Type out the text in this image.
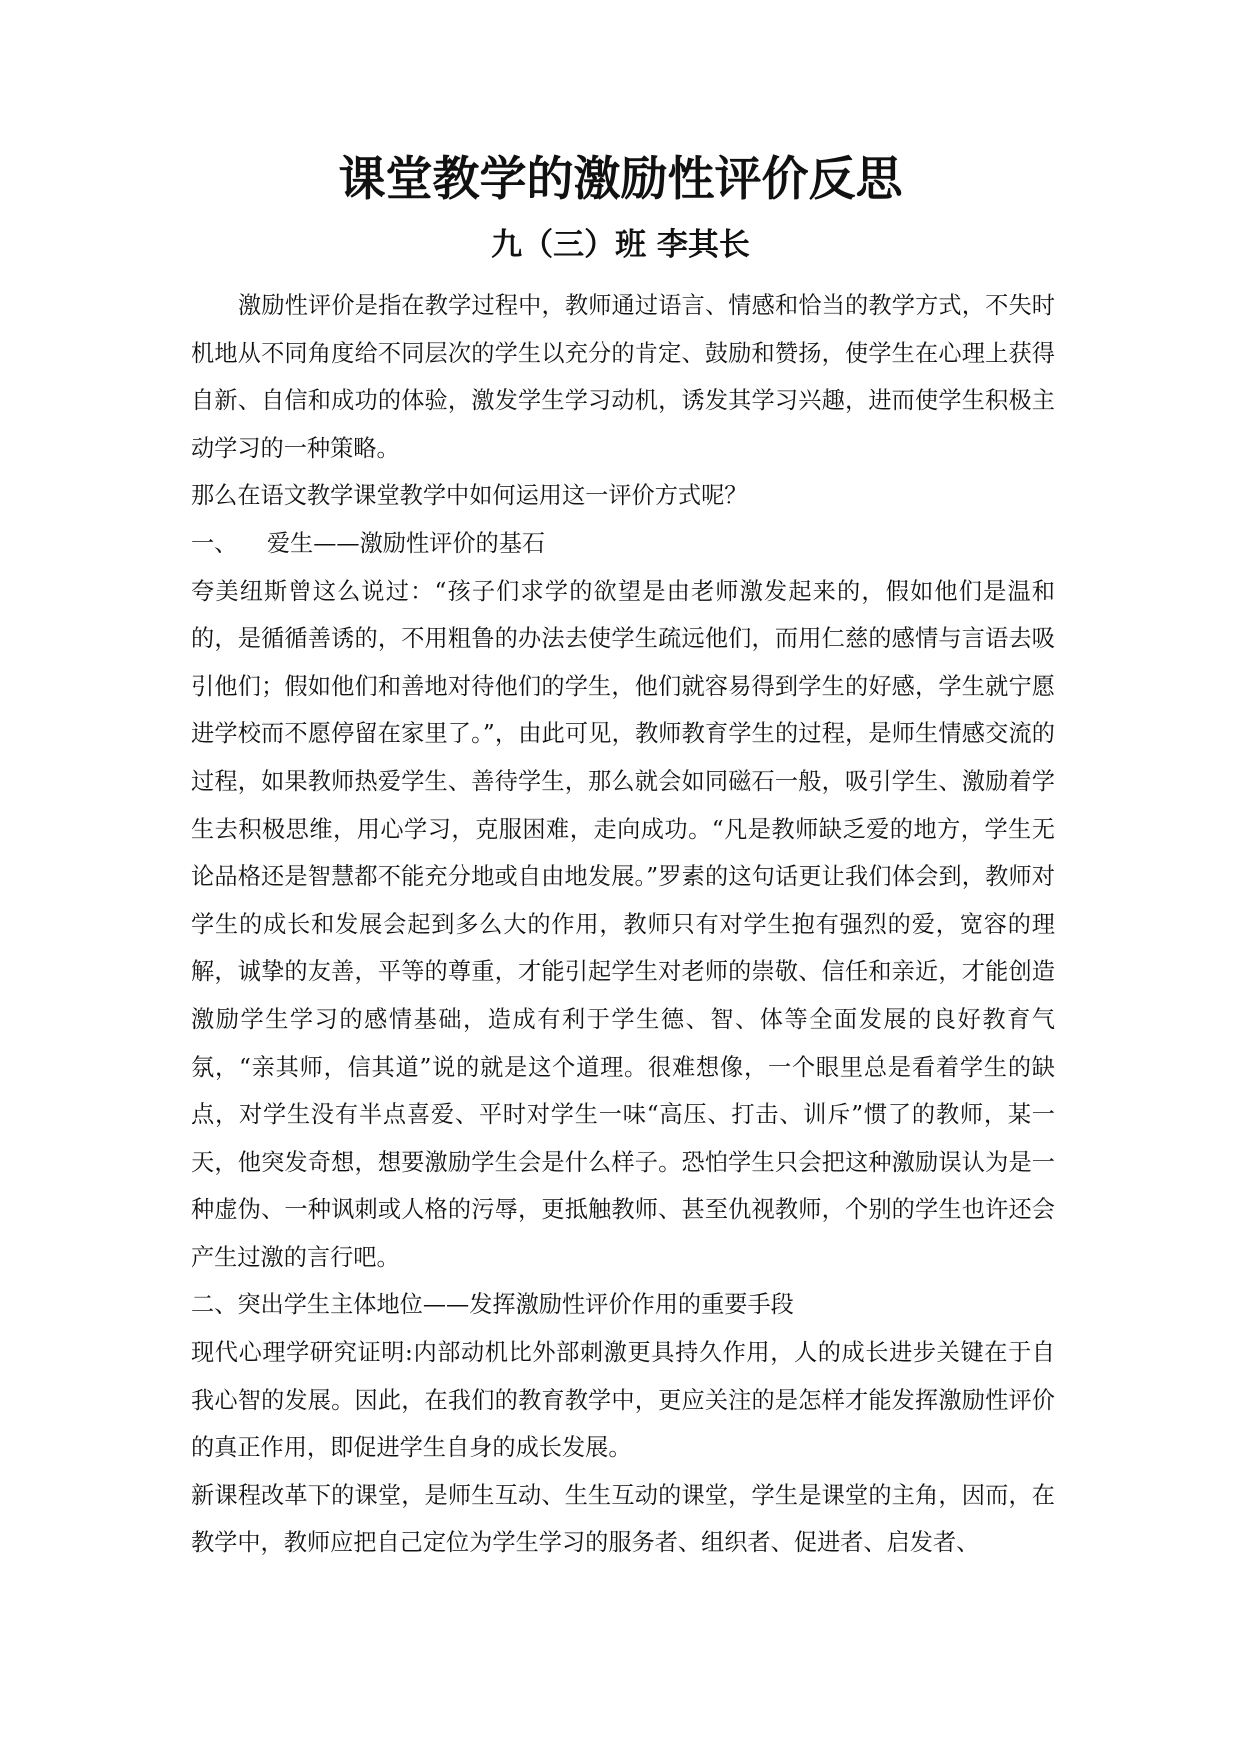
课堂教学的激励性评价反思
九（三）班 李其长

激励性评价是指在教学过程中，教师通过语言、情感和恰当的教学方式，不失时机地从不同角度给不同层次的学生以充分的肯定、鼓励和赞扬，使学生在心理上获得自新、自信和成功的体验，激发学生学习动机，诱发其学习兴趣，进而使学生积极主动学习的一种策略。

那么在语文教学课堂教学中如何运用这一评价方式呢？

一、    爱生——激励性评价的基石

夸美纽斯曾这么说过：“孩子们求学的欲望是由老师激发起来的，假如他们是温和的，是循循善诱的，不用粗鲁的办法去使学生疏远他们，而用仁慈的感情与言语去吸引他们；假如他们和善地对待他们的学生，他们就容易得到学生的好感，学生就宁愿进学校而不愿停留在家里了。”，由此可见，教师教育学生的过程，是师生情感交流的过程，如果教师热爱学生、善待学生，那么就会如同磁石一般，吸引学生、激励着学生去积极思维，用心学习，克服困难，走向成功。“凡是教师缺乏爱的地方，学生无论品格还是智慧都不能充分地或自由地发展。”罗素的这句话更让我们体会到，教师对学生的成长和发展会起到多么大的作用，教师只有对学生抱有强烈的爱，宽容的理解，诚挚的友善，平等的尊重，才能引起学生对老师的崇敬、信任和亲近，才能创造激励学生学习的感情基础，造成有利于学生德、智、体等全面发展的良好教育气氛，“亲其师，信其道”说的就是这个道理。很难想像，一个眼里总是看着学生的缺点，对学生没有半点喜爱、平时对学生一味“高压、打击、训斥”惯了的教师，某一天，他突发奇想，想要激励学生会是什么样子。恐怕学生只会把这种激励误认为是一种虚伪、一种讽刺或人格的污辱，更抵触教师、甚至仇视教师，个别的学生也许还会产生过激的言行吧。

二、突出学生主体地位——发挥激励性评价作用的重要手段

现代心理学研究证明:内部动机比外部刺激更具持久作用，人的成长进步关键在于自我心智的发展。因此，在我们的教育教学中，更应关注的是怎样才能发挥激励性评价的真正作用，即促进学生自身的成长发展。

新课程改革下的课堂，是师生互动、生生互动的课堂，学生是课堂的主角，因而，在教学中，教师应把自己定位为学生学习的服务者、组织者、促进者、启发者、
